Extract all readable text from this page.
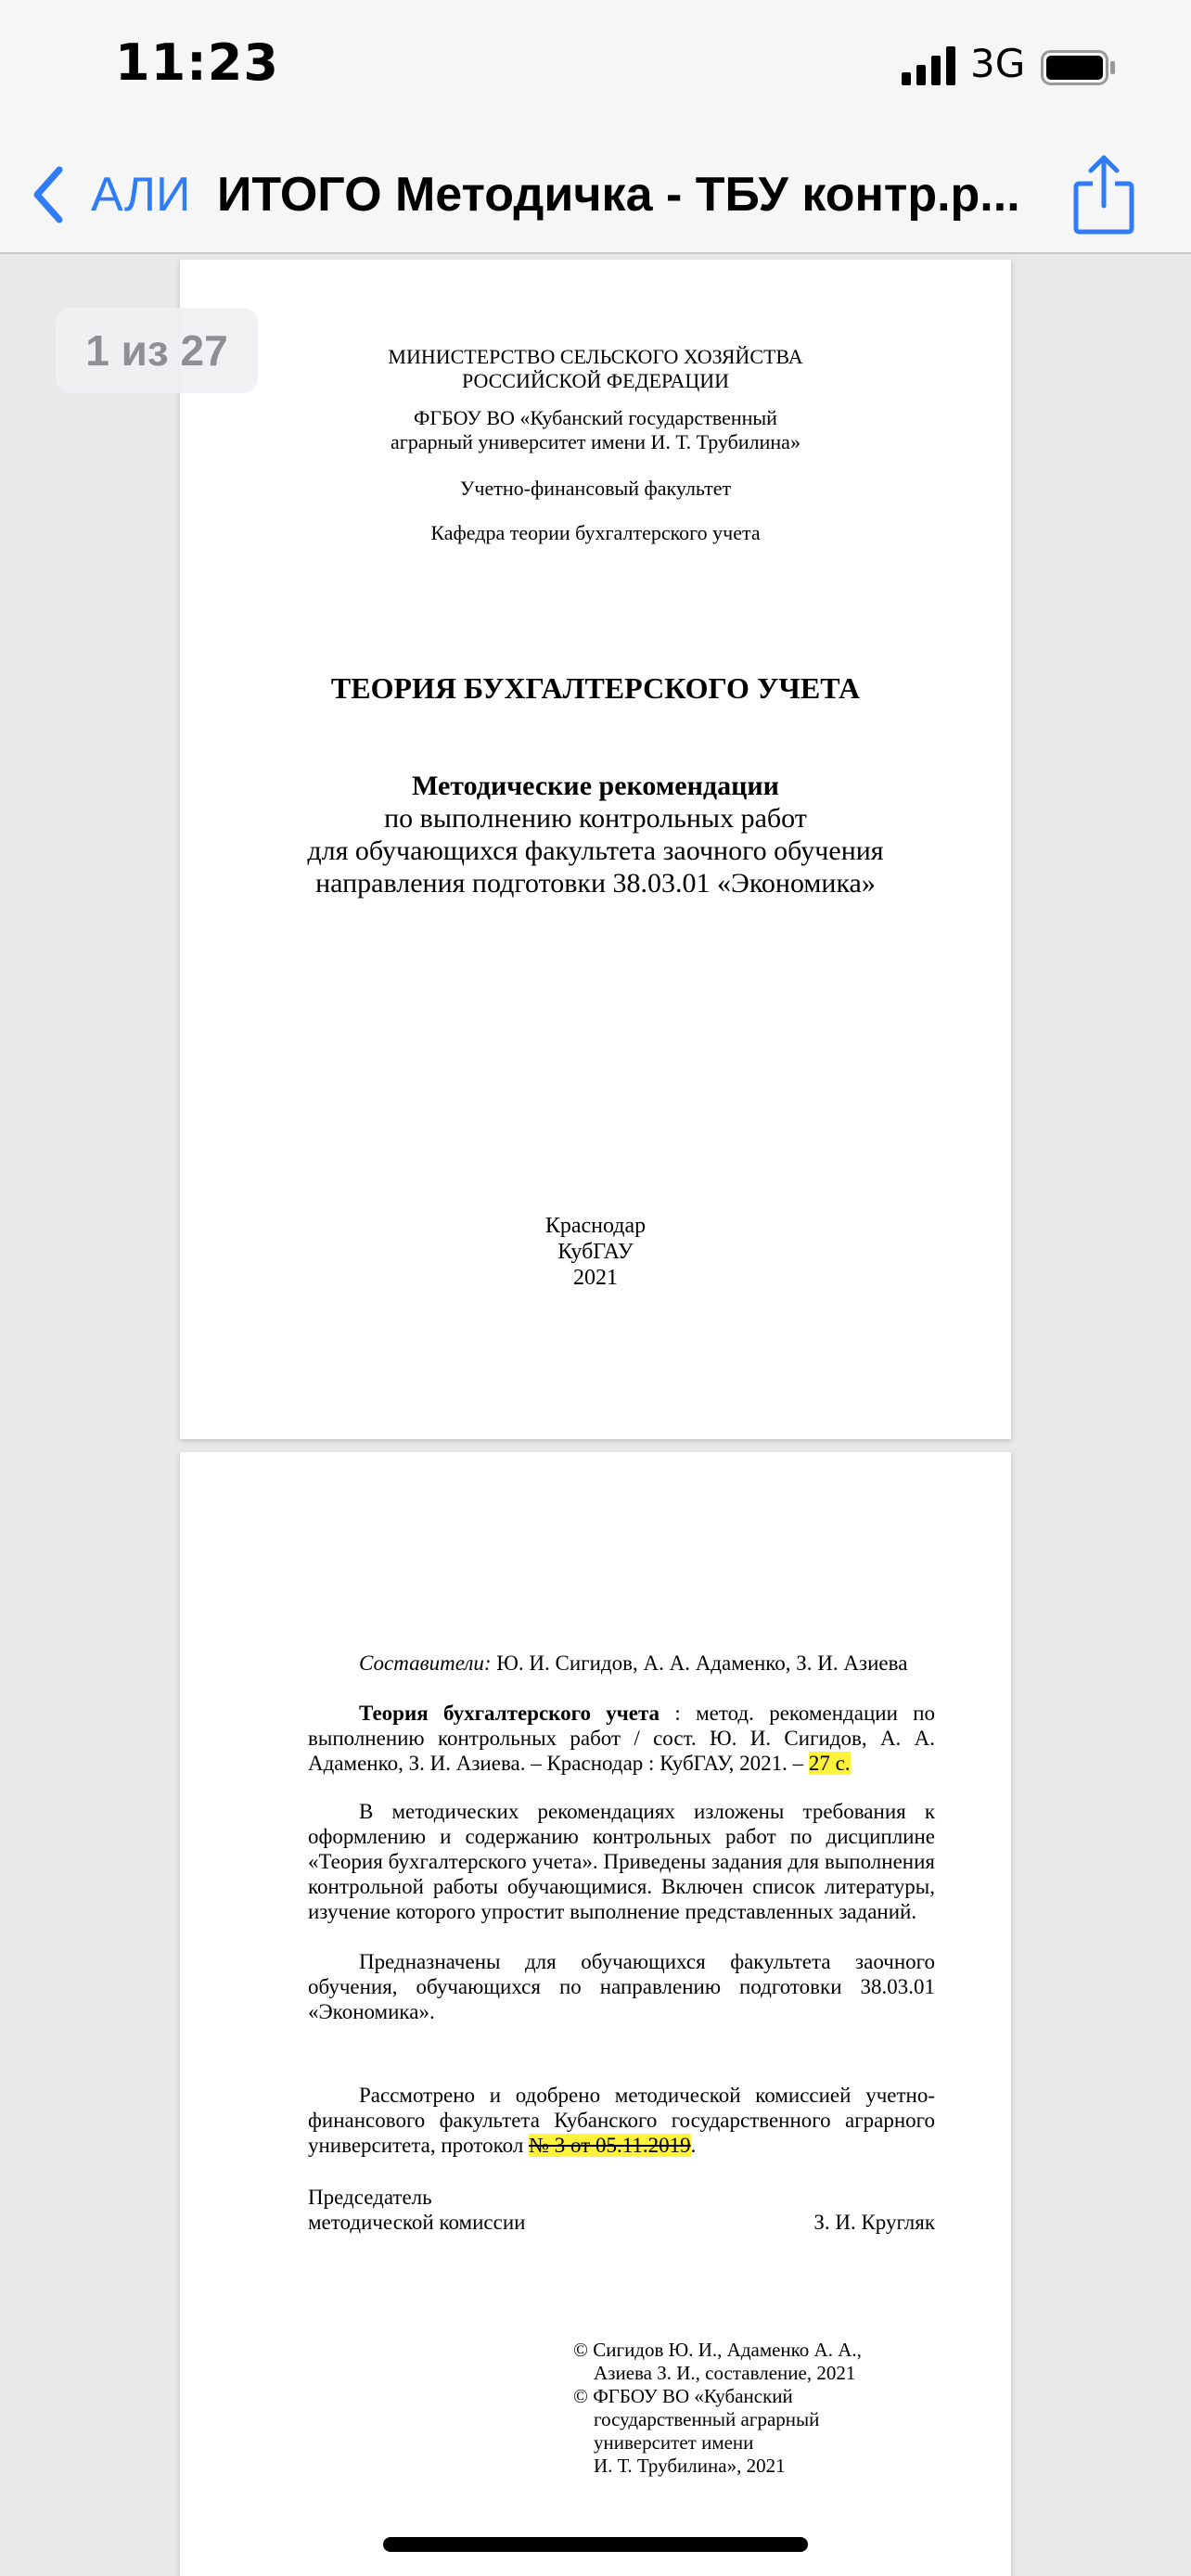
11:23	3G
АЛИ ИТОГО Методичка - ТБУ контр.р...
1 из 27	МИНИСТЕРСТВО СЕЛЬСКОГО ХОЗЯЙСТВА
РОССИЙСКОЙ ФЕДЕРАЦИИ
ФГБОУ ВО «Кубанский государственный
аграрный университет имени И. Т. Трубилина»
Учетно-финансовый факультет
Кафедра теории бухгалтерского учета
ТЕОРИЯ БУХГАЛТЕРСКОГО УЧЕТА
Методические рекомендации
по выполнению контрольных работ
для обучающихся факультета заочного обучения
направления подготовки 38.03.01 «Экономика»
Краснодар
КубГАУ
2021
Составители: Ю. И. Сигидов, А. А. Адаменко, З. И. Азиева
Теория бухгалтерского учета : метод. рекомендации по выполнению контрольных работ / сост. Ю. И. Сигидов, А. А. Адаменко, З. И. Азиева. – Краснодар : КубГАУ, 2021. – 27 с.
В методических рекомендациях изложены требования к оформлению и содержанию контрольных работ по дисциплине «Теория бухгалтерского учета». Приведены задания для выполнения контрольной работы обучающимися. Включен список литературы, изучение которого упростит выполнение представленных заданий.
Предназначены для обучающихся факультета заочного обучения, обучающихся по направлению подготовки 38.03.01 «Экономика».
Рассмотрено и одобрено методической комиссией учетно-финансового факультета Кубанского государственного аграрного университета, протокол № 3 от 05.11.2019.
Председатель
методической комиссии	З. И. Кругляк
© Сигидов Ю. И., Адаменко А. А.,
Азиева З. И., составление, 2021
© ФГБОУ ВО «Кубанский
государственный аграрный
университет имени
И. Т. Трубилина», 2021
